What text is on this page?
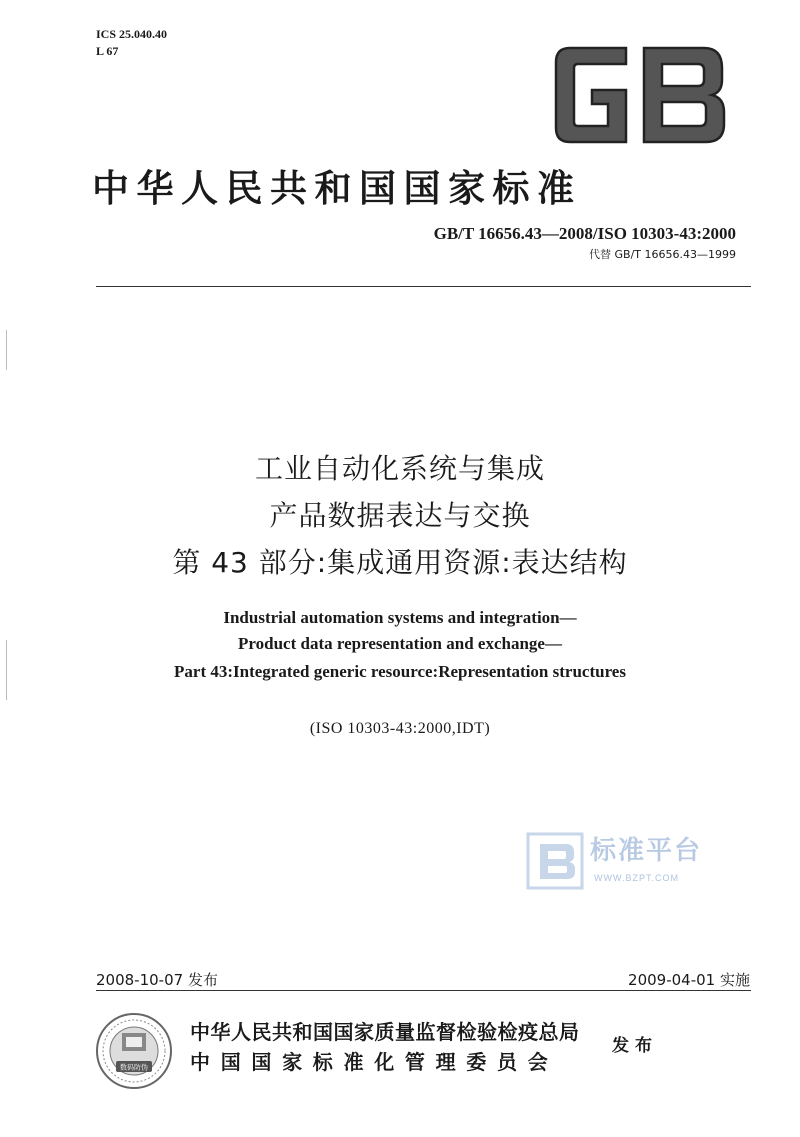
ICS 25.040.40
L 67
中华人民共和国国家标准
GB/T 16656.43—2008/ISO 10303-43:2000
代替 GB/T 16656.43—1999
工业自动化系统与集成
产品数据表达与交换
第 43 部分:集成通用资源:表达结构
Industrial automation systems and integration—
Product data representation and exchange—
Part 43:Integrated generic resource:Representation structures
(ISO 10303-43:2000,IDT)
标准平台
WWW.BZPT.COM
2008-10-07 发布	2009-04-01 实施
数码防伪
中华人民共和国国家质量监督检验检疫总局
中国国家标准化管理委员会
发布
